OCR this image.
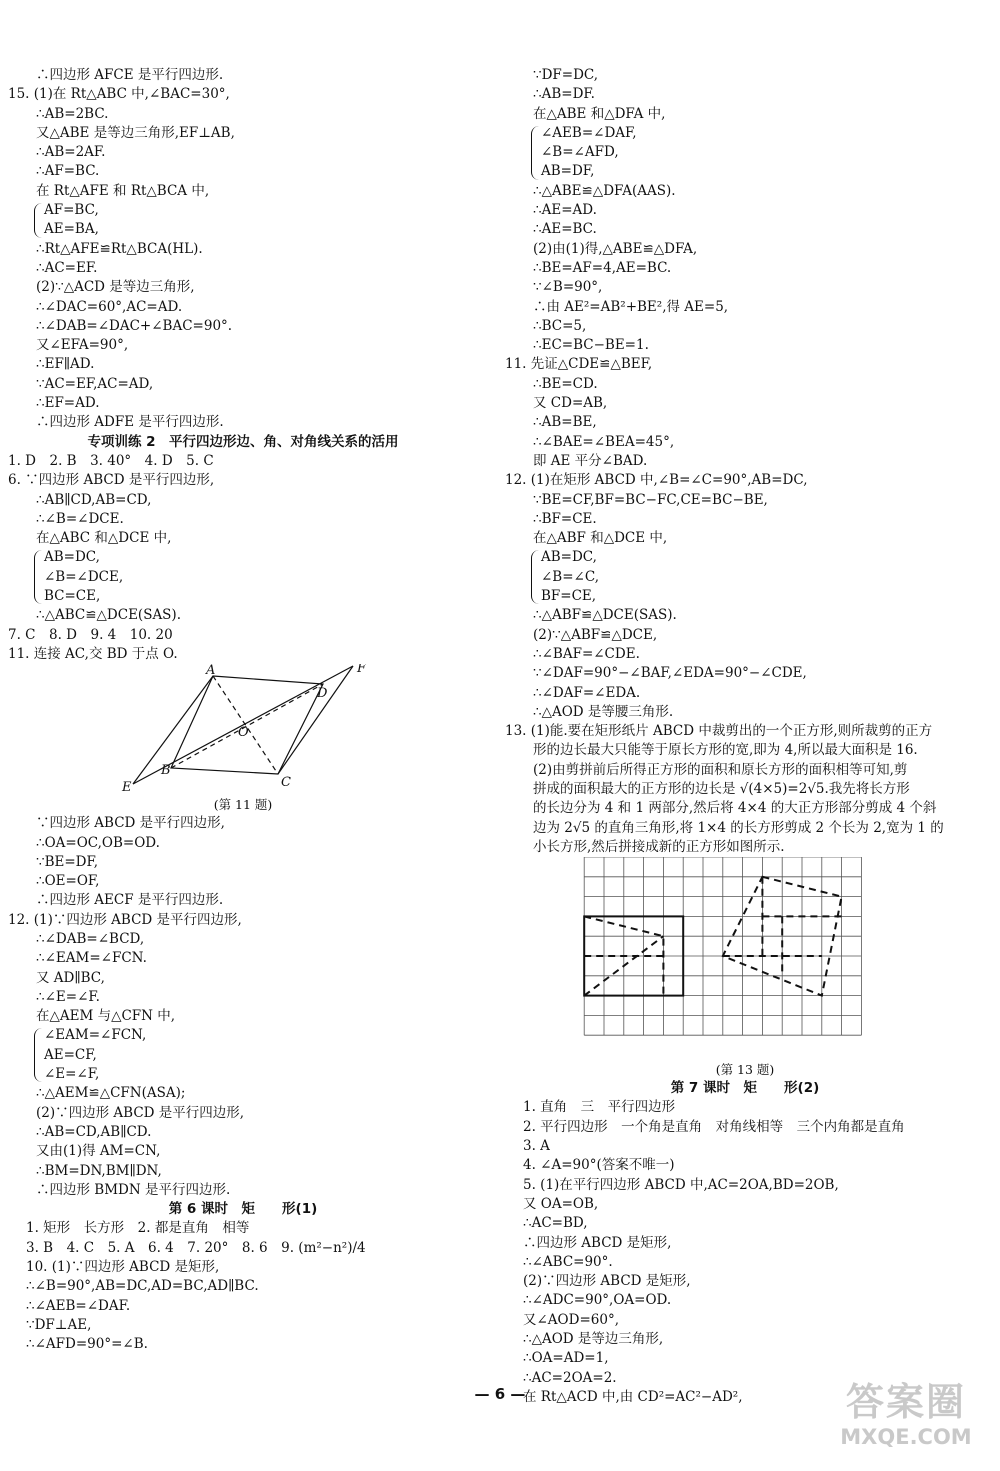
∴四边形 AFCE 是平行四边形.
15. (1)在 Rt△ABC 中,∠BAC=30°,
∴AB=2BC.
又△ABE 是等边三角形,EF⊥AB,
∴AB=2AF.
∴AF=BC.
在 Rt△AFE 和 Rt△BCA 中,
AF=BC,
AE=BA,
∴Rt△AFE≌Rt△BCA(HL).
∴AC=EF.
(2)∵△ACD 是等边三角形,
∴∠DAC=60°,AC=AD.
∴∠DAB=∠DAC+∠BAC=90°.
又∠EFA=90°,
∴EF∥AD.
∵AC=EF,AC=AD,
∴EF=AD.
∴四边形 ADFE 是平行四边形.
专项训练 2　平行四边形边、角、对角线关系的活用
1. D　2. B　3. 40°　4. D　5. C
6. ∵四边形 ABCD 是平行四边形,
∴AB∥CD,AB=CD,
∴∠B=∠DCE.
在△ABC 和△DCE 中,
AB=DC,
∠B=∠DCE,
BC=CE,
∴△ABC≌△DCE(SAS).
7. C　8. D　9. 4　10. 20
11. 连接 AC,交 BD 于点 O.
A	F
D
O
B
E	C
(第 11 题)
∵四边形 ABCD 是平行四边形,
∴OA=OC,OB=OD.
∵BE=DF,
∴OE=OF,
∴四边形 AECF 是平行四边形.
12. (1)∵四边形 ABCD 是平行四边形,
∴∠DAB=∠BCD,
∴∠EAM=∠FCN.
又 AD∥BC,
∴∠E=∠F.
在△AEM 与△CFN 中,
∠EAM=∠FCN,
AE=CF,
∠E=∠F,
∴△AEM≌△CFN(ASA);
(2)∵四边形 ABCD 是平行四边形,
∴AB=CD,AB∥CD.
又由(1)得 AM=CN,
∴BM=DN,BM∥DN,
∴四边形 BMDN 是平行四边形.
第 6 课时　矩　　形(1)
1. 矩形　长方形　2. 都是直角　相等
3. B　4. C　5. A　6. 4　7. 20°　8. 6　9. (m²−n²)/4
10. (1)∵四边形 ABCD 是矩形,
∴∠B=90°,AB=DC,AD=BC,AD∥BC.
∴∠AEB=∠DAF.
∵DF⊥AE,
∴∠AFD=90°=∠B.
∵DF=DC,
∴AB=DF.
在△ABE 和△DFA 中,
∠AEB=∠DAF,
∠B=∠AFD,
AB=DF,
∴△ABE≌△DFA(AAS).
∴AE=AD.
∴AE=BC.
(2)由(1)得,△ABE≌△DFA,
∴BE=AF=4,AE=BC.
∵∠B=90°,
∴由 AE²=AB²+BE²,得 AE=5,
∴BC=5,
∴EC=BC−BE=1.
11. 先证△CDE≌△BEF,
∴BE=CD.
又 CD=AB,
∴AB=BE,
∴∠BAE=∠BEA=45°,
即 AE 平分∠BAD.
12. (1)在矩形 ABCD 中,∠B=∠C=90°,AB=DC,
∵BE=CF,BF=BC−FC,CE=BC−BE,
∴BF=CE.
在△ABF 和△DCE 中,
AB=DC,
∠B=∠C,
BF=CE,
∴△ABF≌△DCE(SAS).
(2)∵△ABF≌△DCE,
∴∠BAF=∠CDE.
∵∠DAF=90°−∠BAF,∠EDA=90°−∠CDE,
∴∠DAF=∠EDA.
∴△AOD 是等腰三角形.
13. (1)能.要在矩形纸片 ABCD 中裁剪出的一个正方形,则所裁剪的正方
形的边长最大只能等于原长方形的宽,即为 4,所以最大面积是 16.
(2)由剪拼前后所得正方形的面积和原长方形的面积相等可知,剪
拼成的面积最大的正方形的边长是 √(4×5)=2√5.我先将长方形
的长边分为 4 和 1 两部分,然后将 4×4 的大正方形部分剪成 4 个斜
边为 2√5 的直角三角形,将 1×4 的长方形剪成 2 个长为 2,宽为 1 的
小长方形,然后拼接成新的正方形如图所示.
(第 13 题)
第 7 课时　矩　　形(2)
1. 直角　三　平行四边形
2. 平行四边形　一个角是直角　对角线相等　三个内角都是直角
3. A
4. ∠A=90°(答案不唯一)
5. (1)在平行四边形 ABCD 中,AC=2OA,BD=2OB,
又 OA=OB,
∴AC=BD,
∴四边形 ABCD 是矩形,
∴∠ABC=90°.
(2)∵四边形 ABCD 是矩形,
∴∠ADC=90°,OA=OD.
又∠AOD=60°,
∴△AOD 是等边三角形,
∴OA=AD=1,
∴AC=2OA=2.
在 Rt△ACD 中,由 CD²=AC²−AD²,
— 6 —	答案圈
MXQE.COM
